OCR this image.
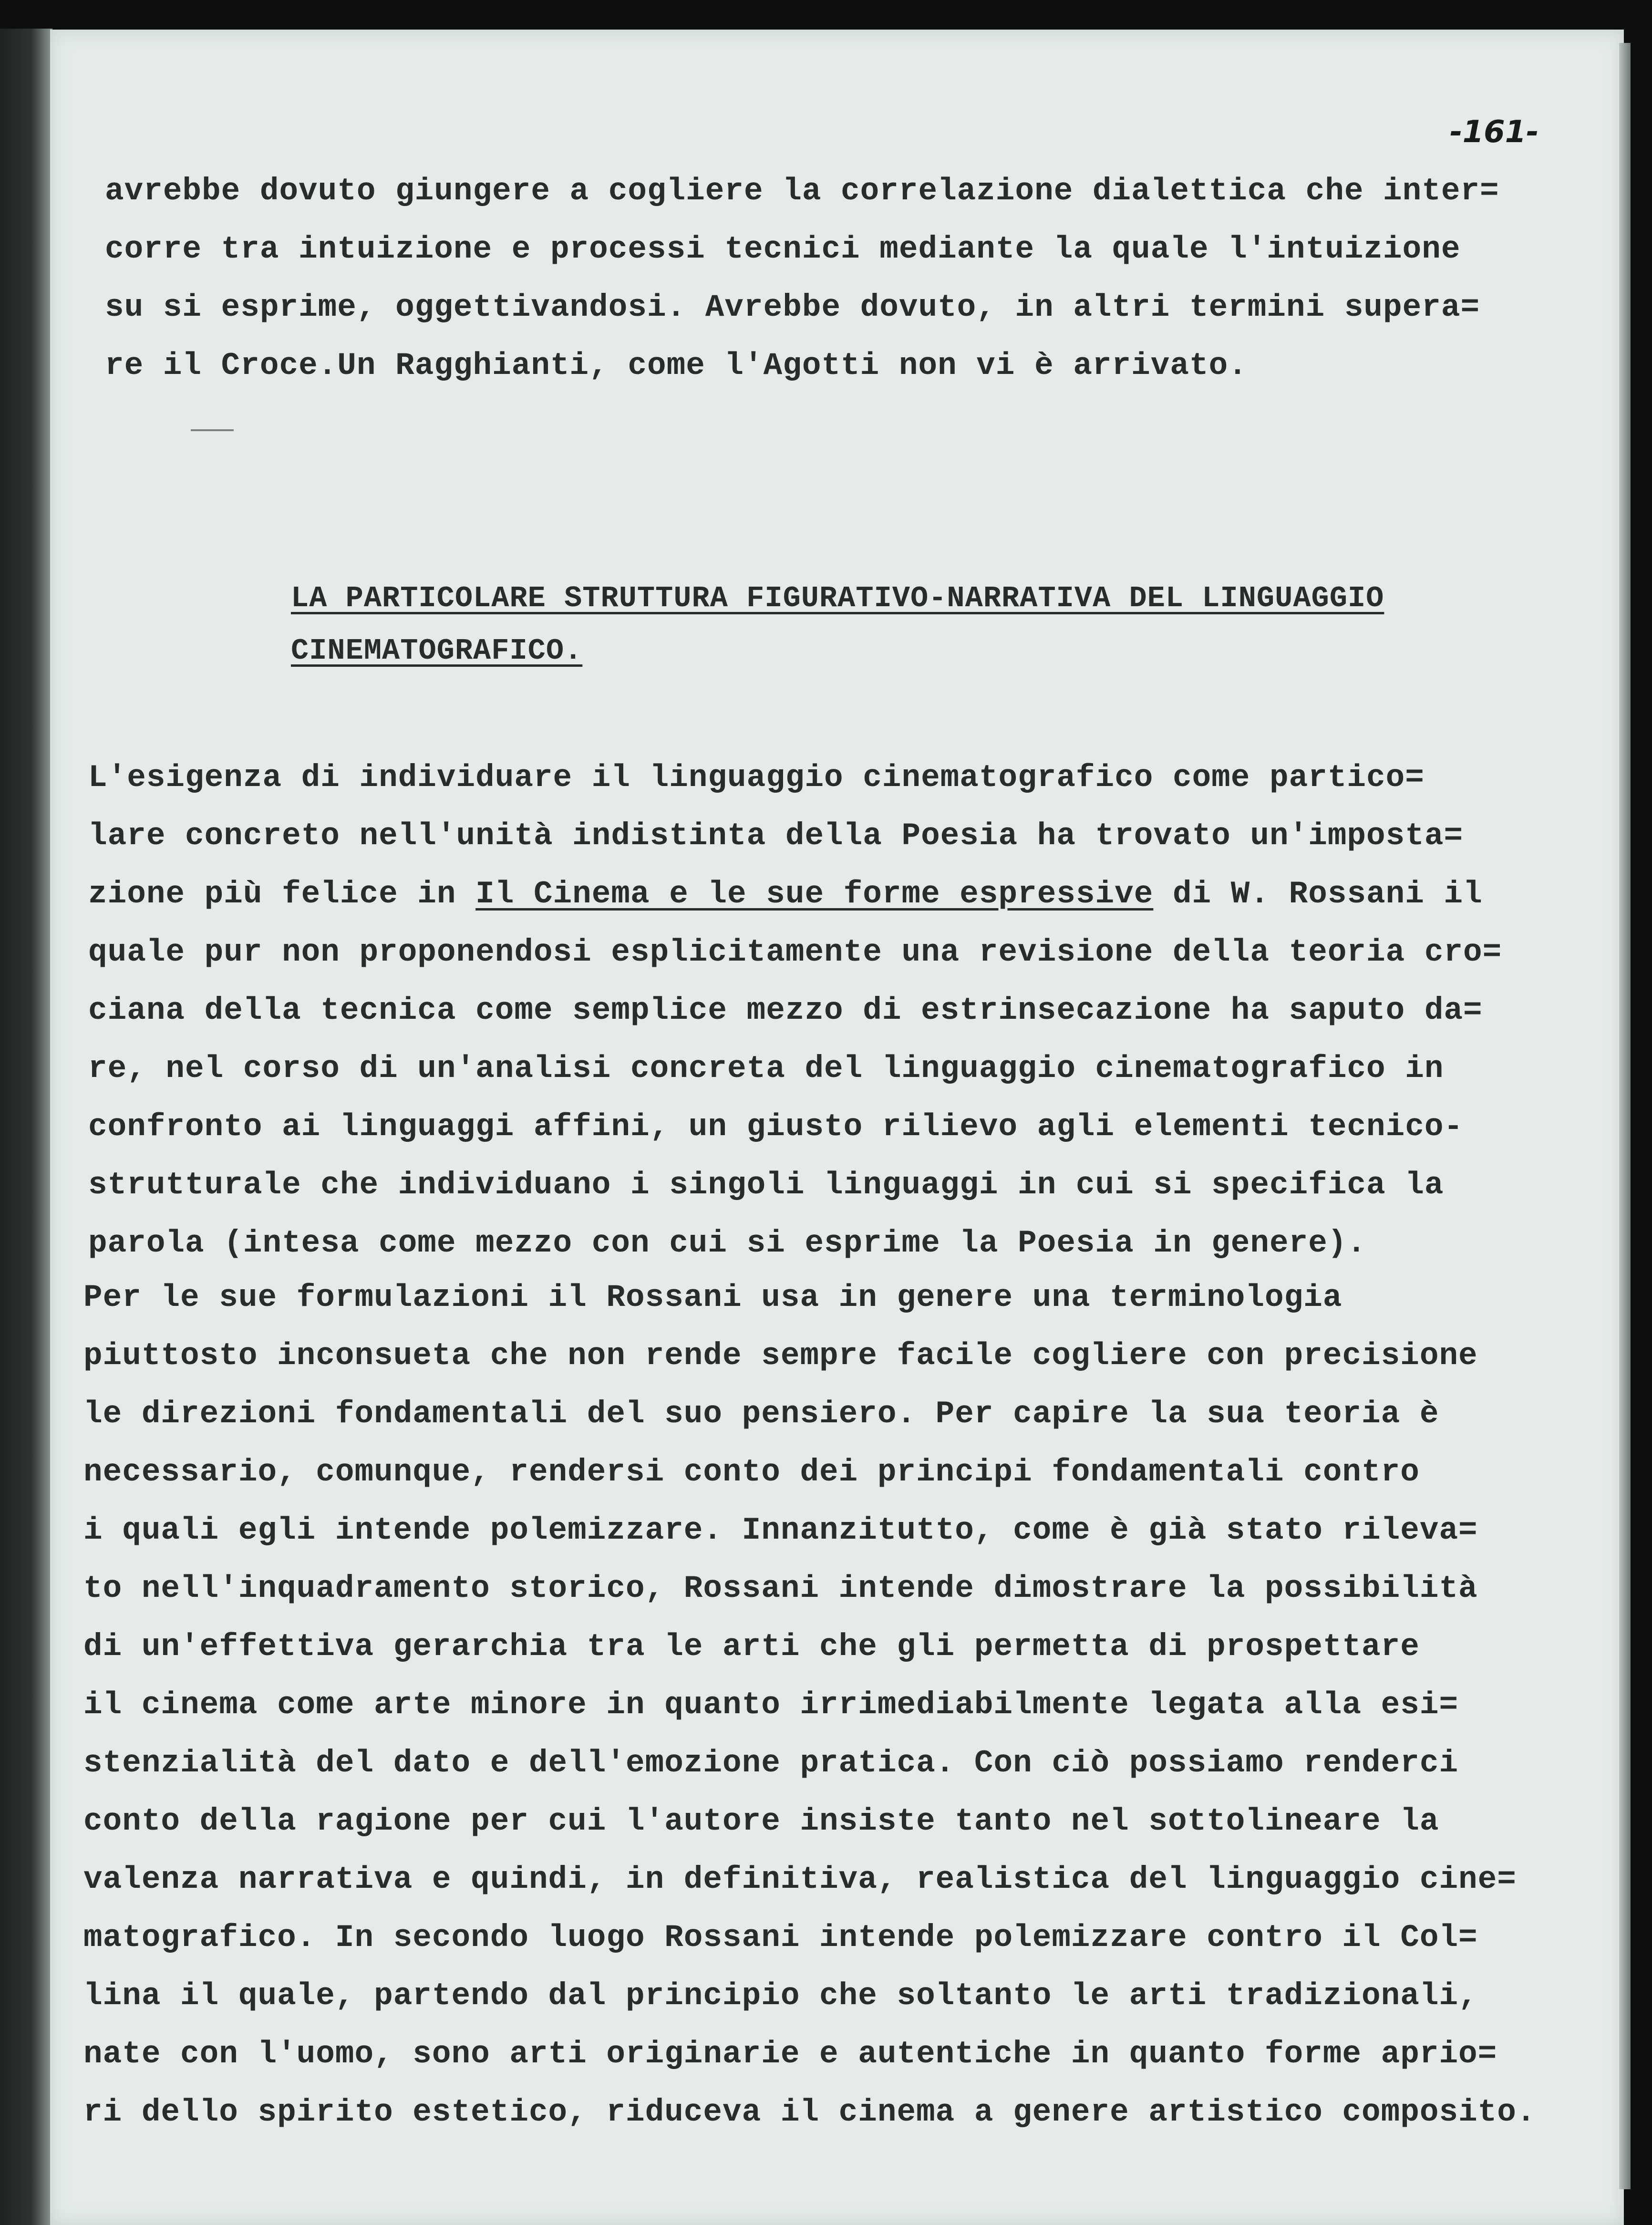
-161-
avrebbe dovuto giungere a cogliere la correlazione dialettica che inter=
corre tra intuizione e processi tecnici mediante la quale l'intuizione
su si esprime, oggettivandosi. Avrebbe dovuto, in altri termini supera=
re il Croce.Un Ragghianti, come l'Agotti non vi è arrivato.
LA PARTICOLARE STRUTTURA FIGURATIVO-NARRATIVA DEL LINGUAGGIO
CINEMATOGRAFICO.
L'esigenza di individuare il linguaggio cinematografico come partico=
lare concreto nell'unità indistinta della Poesia ha trovato un'imposta=
zione più felice in Il Cinema e le sue forme espressive di W. Rossani il
quale pur non proponendosi esplicitamente una revisione della teoria cro=
ciana della tecnica come semplice mezzo di estrinsecazione ha saputo da=
re, nel corso di un'analisi concreta del linguaggio cinematografico in
confronto ai linguaggi affini, un giusto rilievo agli elementi tecnico-
strutturale che individuano i singoli linguaggi in cui si specifica la
parola (intesa come mezzo con cui si esprime la Poesia in genere).
Per le sue formulazioni il Rossani usa in genere una terminologia
piuttosto inconsueta che non rende sempre facile cogliere con precisione
le direzioni fondamentali del suo pensiero. Per capire la sua teoria è
necessario, comunque, rendersi conto dei principi fondamentali contro
i quali egli intende polemizzare. Innanzitutto, come è già stato rileva=
to nell'inquadramento storico, Rossani intende dimostrare la possibilità
di un'effettiva gerarchia tra le arti che gli permetta di prospettare
il cinema come arte minore in quanto irrimediabilmente legata alla esi=
stenzialità del dato e dell'emozione pratica. Con ciò possiamo renderci
conto della ragione per cui l'autore insiste tanto nel sottolineare la
valenza narrativa e quindi, in definitiva, realistica del linguaggio cine=
matografico. In secondo luogo Rossani intende polemizzare contro il Col=
lina il quale, partendo dal principio che soltanto le arti tradizionali,
nate con l'uomo, sono arti originarie e autentiche in quanto forme aprio=
ri dello spirito estetico, riduceva il cinema a genere artistico composito.
